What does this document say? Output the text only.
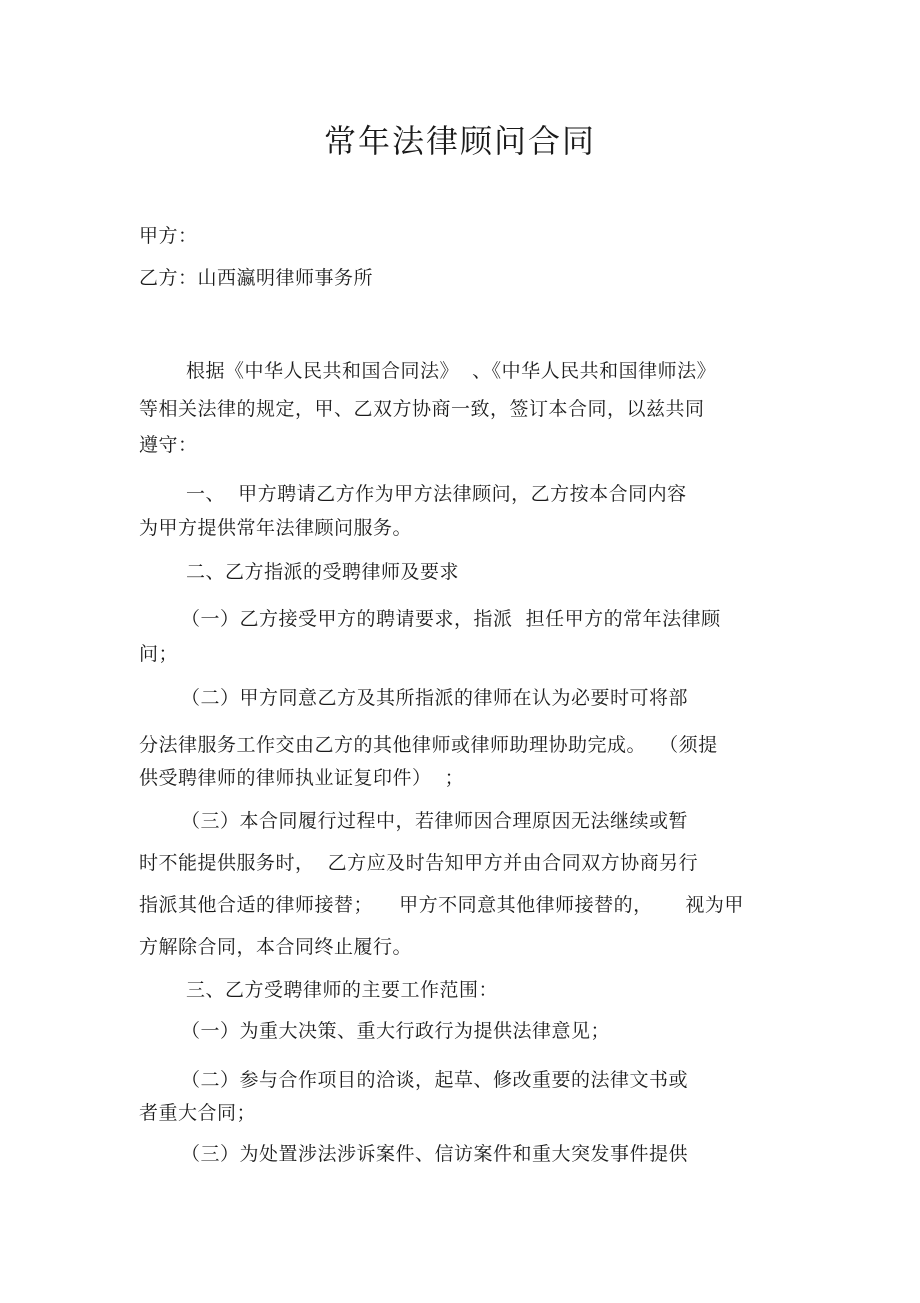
常年法律顾问合同
甲方：
乙方：山西瀛明律师事务所
根据《中华人民共和国合同法》  、《中华人民共和国律师法》
等相关法律的规定，甲、乙双方协商一致，签订本合同，以兹共同
遵守：
一、  甲方聘请乙方作为甲方法律顾问，乙方按本合同内容
为甲方提供常年法律顾问服务。
二、乙方指派的受聘律师及要求
（一）乙方接受甲方的聘请要求，指派  担任甲方的常年法律顾
问；
（二）甲方同意乙方及其所指派的律师在认为必要时可将部
分法律服务工作交由乙方的其他律师或律师助理协助完成。  （须提
供受聘律师的律师执业证复印件）  ；
（三）本合同履行过程中，若律师因合理原因无法继续或暂
时不能提供服务时，  乙方应及时告知甲方并由合同双方协商另行
指派其他合适的律师接替；    甲方不同意其他律师接替的，     视为甲
方解除合同，本合同终止履行。
三、乙方受聘律师的主要工作范围：
（一）为重大决策、重大行政行为提供法律意见；
（二）参与合作项目的洽谈，起草、修改重要的法律文书或
者重大合同；
（三）为处置涉法涉诉案件、信访案件和重大突发事件提供
